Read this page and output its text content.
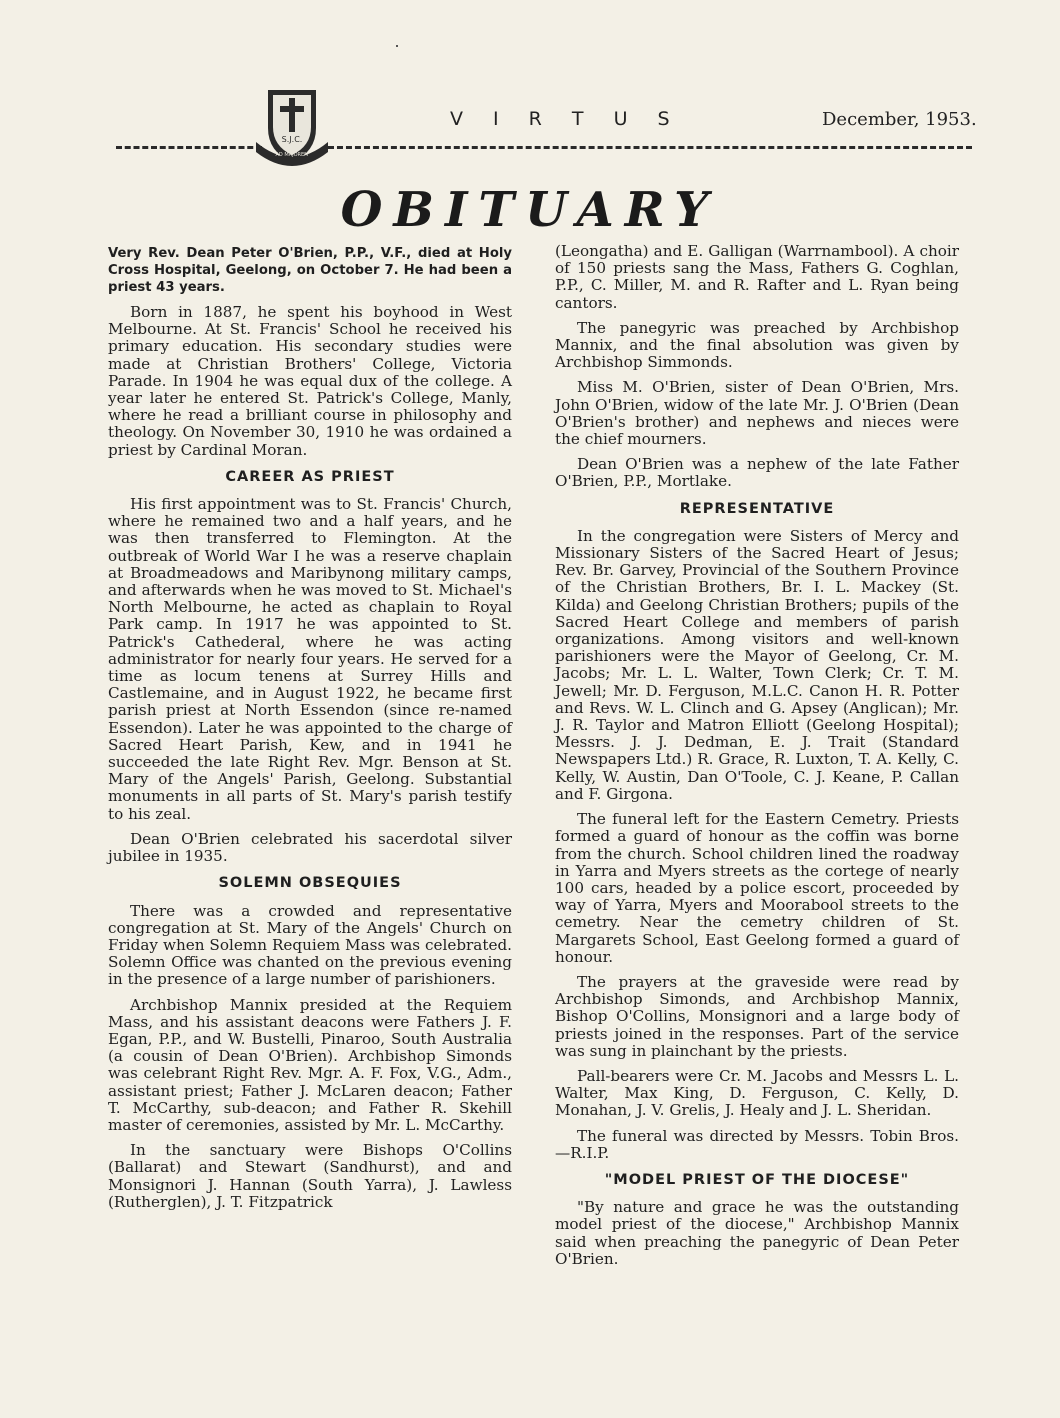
S.J.C.
AD MAJOREM
V I R T U S	December, 1953.
OBITUARY

Very Rev. Dean Peter O'Brien, P.P., V.F., died at Holy Cross Hospital, Geelong, on October 7. He had been a priest 43 years.

Born in 1887, he spent his boyhood in West Melbourne. At St. Francis' School he received his primary education. His secondary studies were made at Christian Brothers' College, Victoria Parade. In 1904 he was equal dux of the college. A year later he entered St. Patrick's College, Manly, where he read a brilliant course in philosophy and theology. On November 30, 1910 he was ordained a priest by Cardinal Moran.

CAREER AS PRIEST

His first appointment was to St. Francis' Church, where he remained two and a half years, and he was then transferred to Flemington. At the outbreak of World War I he was a reserve chaplain at Broadmeadows and Maribynong military camps, and afterwards when he was moved to St. Michael's North Melbourne, he acted as chaplain to Royal Park camp. In 1917 he was appointed to St. Patrick's Cathederal, where he was acting administrator for nearly four years. He served for a time as locum tenens at Surrey Hills and Castlemaine, and in August 1922, he became first parish priest at North Essendon (since re-named Essendon). Later he was appointed to the charge of Sacred Heart Parish, Kew, and in 1941 he succeeded the late Right Rev. Mgr. Benson at St. Mary of the Angels' Parish, Geelong. Substantial monuments in all parts of St. Mary's parish testify to his zeal.

Dean O'Brien celebrated his sacerdotal silver jubilee in 1935.

SOLEMN OBSEQUIES

There was a crowded and representative congregation at St. Mary of the Angels' Church on Friday when Solemn Requiem Mass was celebrated. Solemn Office was chanted on the previous evening in the presence of a large number of parishioners.

Archbishop Mannix presided at the Requiem Mass, and his assistant deacons were Fathers J. F. Egan, P.P., and W. Bustelli, Pinaroo, South Australia (a cousin of Dean O'Brien). Archbishop Simonds was celebrant Right Rev. Mgr. A. F. Fox, V.G., Adm., assistant priest; Father J. McLaren deacon; Father T. McCarthy, sub-deacon; and Father R. Skehill master of ceremonies, assisted by Mr. L. McCarthy.

In the sanctuary were Bishops O'Collins (Ballarat) and Stewart (Sandhurst), and and Monsignori J. Hannan (South Yarra), J. Lawless (Rutherglen), J. T. Fitzpatrick

(Leongatha) and E. Galligan (Warrnambool). A choir of 150 priests sang the Mass, Fathers G. Coghlan, P.P., C. Miller, M. and R. Rafter and L. Ryan being cantors.

The panegyric was preached by Archbishop Mannix, and the final absolution was given by Archbishop Simmonds.

Miss M. O'Brien, sister of Dean O'Brien, Mrs. John O'Brien, widow of the late Mr. J. O'Brien (Dean O'Brien's brother) and nephews and nieces were the chief mourners.

Dean O'Brien was a nephew of the late Father O'Brien, P.P., Mortlake.

REPRESENTATIVE

In the congregation were Sisters of Mercy and Missionary Sisters of the Sacred Heart of Jesus; Rev. Br. Garvey, Provincial of the Southern Province of the Christian Brothers, Br. I. L. Mackey (St. Kilda) and Geelong Christian Brothers; pupils of the Sacred Heart College and members of parish organizations. Among visitors and well-known parishioners were the Mayor of Geelong, Cr. M. Jacobs; Mr. L. L. Walter, Town Clerk; Cr. T. M. Jewell; Mr. D. Ferguson, M.L.C. Canon H. R. Potter and Revs. W. L. Clinch and G. Apsey (Anglican); Mr. J. R. Taylor and Matron Elliott (Geelong Hospital); Messrs. J. J. Dedman, E. J. Trait (Standard Newspapers Ltd.) R. Grace, R. Luxton, T. A. Kelly, C. Kelly, W. Austin, Dan O'Toole, C. J. Keane, P. Callan and F. Girgona.

The funeral left for the Eastern Cemetry. Priests formed a guard of honour as the coffin was borne from the church. School children lined the roadway in Yarra and Myers streets as the cortege of nearly 100 cars, headed by a police escort, proceeded by way of Yarra, Myers and Moorabool streets to the cemetry. Near the cemetry children of St. Margarets School, East Geelong formed a guard of honour.

The prayers at the graveside were read by Archbishop Simonds, and Archbishop Mannix, Bishop O'Collins, Monsignori and a large body of priests joined in the responses. Part of the service was sung in plainchant by the priests.

Pall-bearers were Cr. M. Jacobs and Messrs L. L. Walter, Max King, D. Ferguson, C. Kelly, D. Monahan, J. V. Grelis, J. Healy and J. L. Sheridan.

The funeral was directed by Messrs. Tobin Bros.—R.I.P.

"MODEL PRIEST OF THE DIOCESE"

"By nature and grace he was the outstanding model priest of the diocese," Archbishop Mannix said when preaching the panegyric of Dean Peter O'Brien.
